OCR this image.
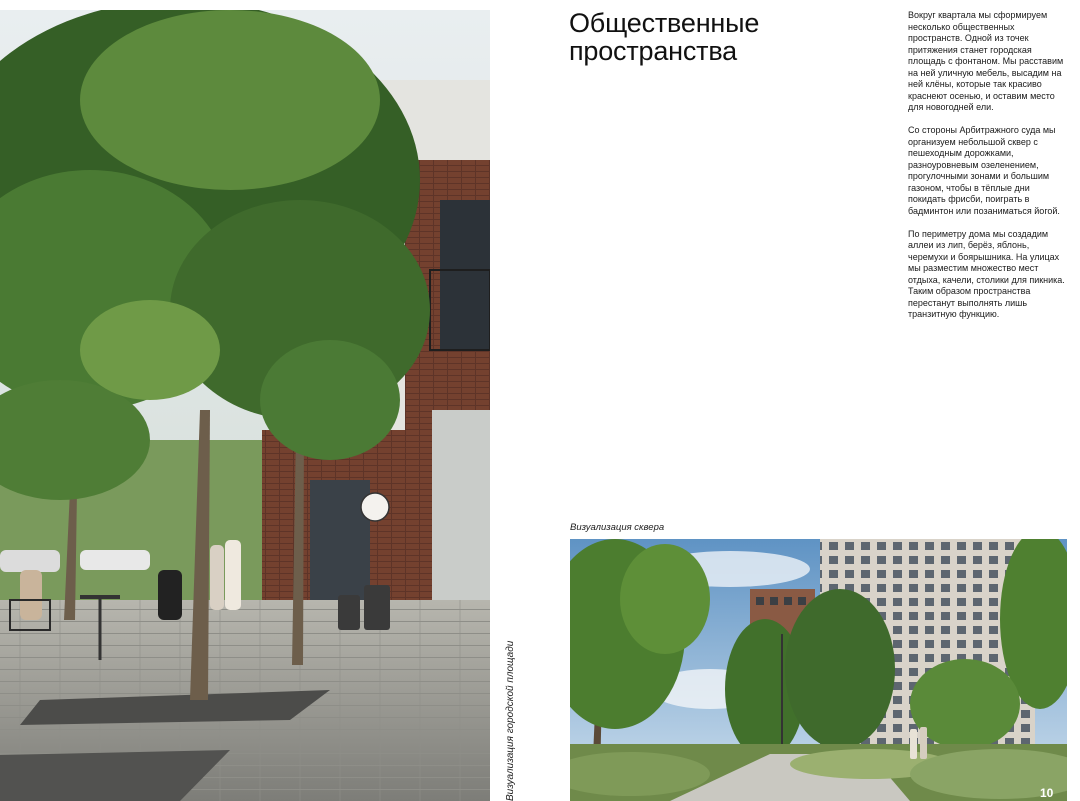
Визуализация городской площади
Общественные
пространства

Вокруг квартала мы сформируем несколько общественных пространств. Одной из точек притяжения станет городская площадь с фонтаном. Мы расставим на ней уличную мебель, высадим на ней клёны, которые так красиво краснеют осенью, и оставим место для новогодней ели.

Со стороны Арбитражного суда мы организуем небольшой сквер с пешеходным дорожками, разноуровневым озеленением, прогулочными зонами и большим газоном, чтобы в тёплые дни покидать фрисби, поиграть в бадминтон или позаниматься йогой.

По периметру дома мы создадим аллеи из лип, берёз, яблонь, черемухи и боярышника. На улицах мы разместим множество мест отдыха, качели, столики для пикника. Таким образом пространства перестанут выполнять лишь транзитную функцию.

Визуализация сквера
10
